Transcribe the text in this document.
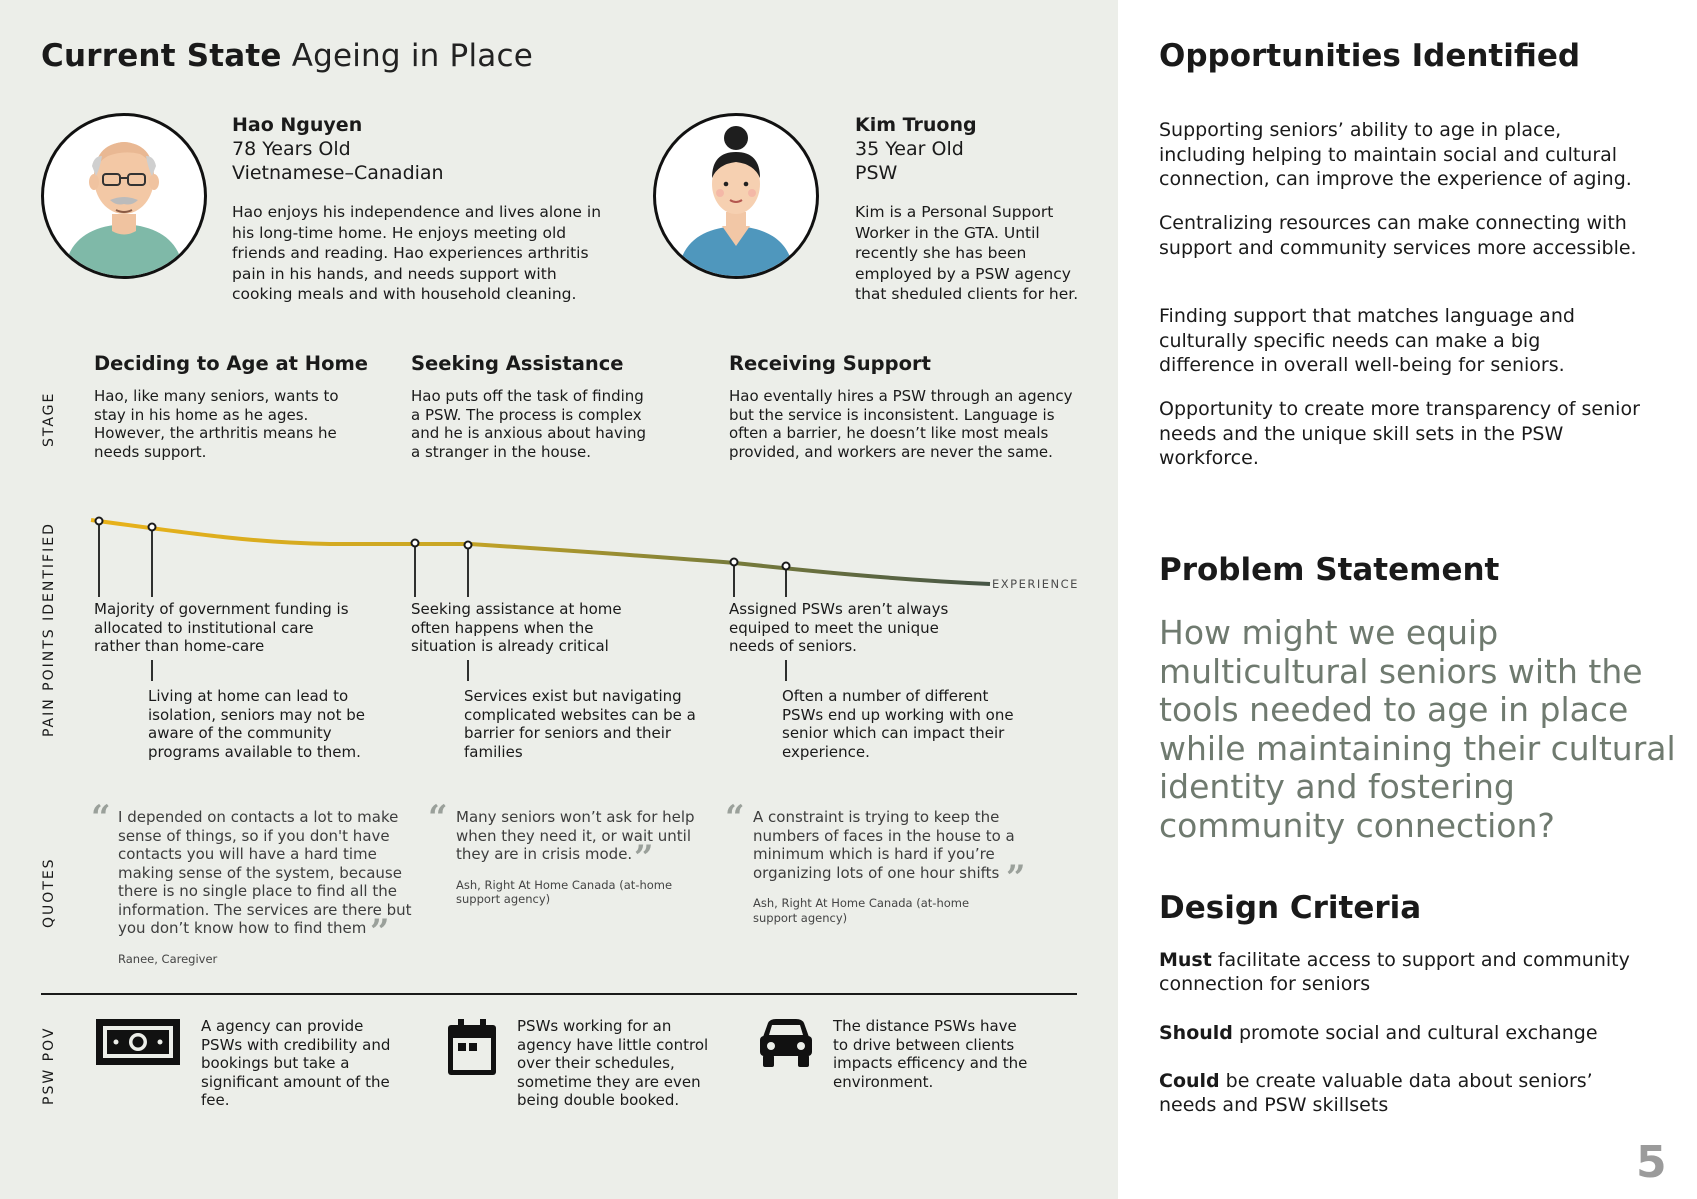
Current State Ageing in Place
Hao Nguyen
78 Years Old
Vietnamese–Canadian
Hao enjoys his independence and lives alone in his long-time home. He enjoys meeting old friends and reading. Hao experiences arthritis pain in his hands, and needs support with cooking meals and with household cleaning.
Kim Truong
35 Year Old
PSW
Kim is a Personal Support Worker in the GTA. Until recently she has been employed by a PSW agency that sheduled clients for her.
STAGE
PAIN POINTS IDENTIFIED
QUOTES
PSW POV
Deciding to Age at Home
Hao, like many seniors, wants to stay in his home as he ages. However, the arthritis means he needs support.
Seeking Assistance
Hao puts off the task of finding a PSW. The process is complex and he is anxious about having a stranger in the house.
Receiving Support
Hao eventally hires a PSW through an agency but the service is inconsistent. Language is often a barrier, he doesn’t like most meals provided, and workers are never the same.
EXPERIENCE
Majority of government funding is allocated to institutional care rather than home-care
Living at home can lead to isolation, seniors may not be aware of the community programs available to them.
Seeking assistance at home often happens when the situation is already critical
Services exist but navigating complicated websites can be a barrier for seniors and their families
Assigned PSWs aren’t always equiped to meet the unique needs of seniors.
Often a number of different PSWs end up working with one senior which can impact their experience.
“ I depended on contacts a lot to make sense of things, so if you don't have contacts you will have a hard time making sense of the system, because there is no single place to find all the information. The services are there but you don’t know how to find them
Ranee, Caregiver
”
“ Many seniors won’t ask for help when they need it, or wait until they are in crisis mode.
Ash, Right At Home Canada (at-home support agency)
”
“ A constraint is trying to keep the numbers of faces in the house to a minimum which is hard if you’re organizing lots of one hour shifts
Ash, Right At Home Canada (at-home support agency)
”
A agency can provide PSWs with credibility and bookings but take a significant amount of the fee.
PSWs working for an agency have little control over their schedules, sometime they are even being double booked.
The distance PSWs have to drive between clients impacts efficency and the environment.
Opportunities Identified
Supporting seniors’ ability to age in place, including helping to maintain social and cultural connection, can improve the experience of aging.
Centralizing resources can make connecting with support and community services more accessible.
Finding support that matches language and culturally specific needs can make a big difference in overall well-being for seniors.
Opportunity to create more transparency of senior needs and the unique skill sets in the PSW workforce.
Problem Statement
How might we equip multicultural seniors with the tools needed to age in place while maintaining their cultural identity and fostering community connection?
Design Criteria
Must facilitate access to support and community connection for seniors
Should promote social and cultural exchange
Could be create valuable data about seniors’ needs and PSW skillsets
5
